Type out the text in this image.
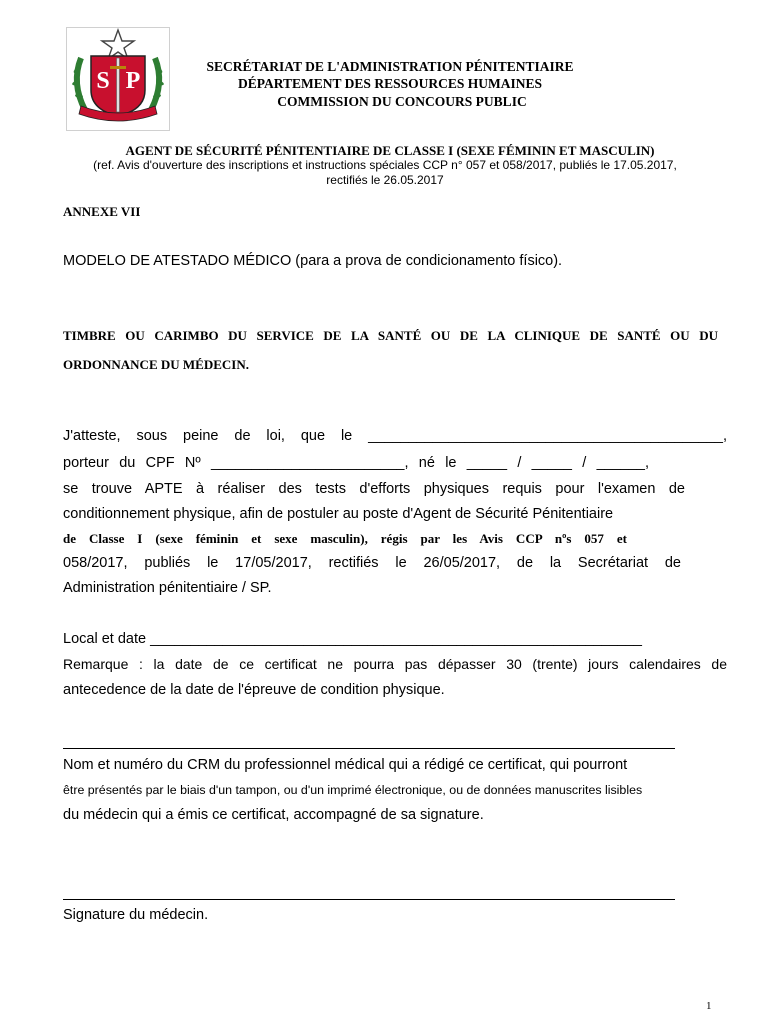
S P
SECRÉTARIAT DE L'ADMINISTRATION PÉNITENTIAIRE
DÉPARTEMENT DES RESSOURCES HUMAINES
COMMISSION DU CONCOURS PUBLIC
AGENT DE SÉCURITÉ PÉNITENTIAIRE DE CLASSE I (SEXE FÉMININ ET MASCULIN)
(ref. Avis d'ouverture des inscriptions et instructions spéciales CCP n° 057 et 058/2017, publiés le 17.05.2017,
rectifiés le 26.05.2017
ANNEXE VII
MODELO DE ATESTADO MÉDICO (para a prova de condicionamento físico).
TIMBRE OU CARIMBO DU SERVICE DE LA SANTÉ OU DE LA CLINIQUE DE SANTÉ OU DU
ORDONNANCE DU MÉDECIN.
J'atteste, sous peine de loi, que le ____________________________________________,
porteur du CPF Nº ________________________, né le _____ / _____ / ______,
se trouve APTE à réaliser des tests d'efforts physiques requis pour l'examen de
conditionnement physique, afin de postuler au poste d'Agent de Sécurité Pénitentiaire
de Classe I (sexe féminin et sexe masculin), régis par les Avis CCP nºs 057 et
058/2017, publiés le 17/05/2017, rectifiés le 26/05/2017, de la Secrétariat de
Administration pénitentiaire / SP.
Local et date _____________________________________________________________
Remarque : la date de ce certificat ne pourra pas dépasser 30 (trente) jours calendaires de
antecedence de la date de l'épreuve de condition physique.
Nom et numéro du CRM du professionnel médical qui a rédigé ce certificat, qui pourront
être présentés par le biais d'un tampon, ou d'un imprimé électronique, ou de données manuscrites lisibles
du médecin qui a émis ce certificat, accompagné de sa signature.
Signature du médecin.
1
